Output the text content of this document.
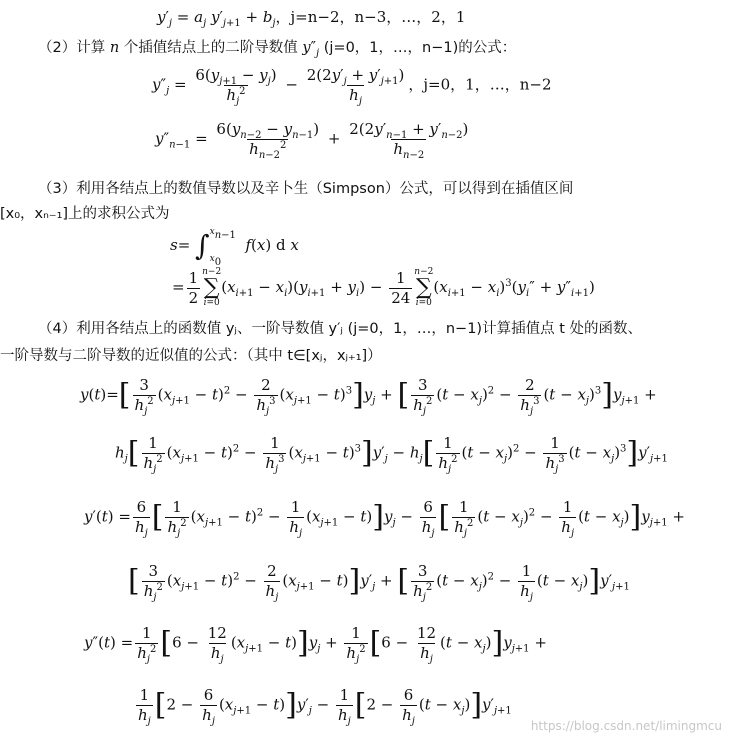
$y'_j = a_j$ $y'_{j+1} + b_j$，j=n−2，n−3，…，2，1
（2）计算 n 个插值结点上的二阶导数值 $y''_j$ (j=0，1，…，n−1)的公式：
$y''_j = \frac{6(y_{j+1} - y_j)}{h_j^2} - \frac{2(2y'_j + y'_{j+1})}{h_j}$ ，j=0，1，…，n−2
$y''_{n-1} = \frac{6(y_{n-2} - y_{n-1})}{h_{n-2}^2} + \frac{2(2y'_{n-1} + y'_{n-2})}{h_{n-2}}$
（3）利用各结点上的数值导数以及辛卜生（Simpson）公式，可以得到在插值区间
[x₀，xₙ₋₁]上的求积公式为
s= ∫ $x_{n-1}$
$x_0$
f(x) d x
= $\frac{1}{2} n-2$
∑
i=0
$(x_{i+1} - x_i)(y_{i+1} + y_i) - \frac{1}{24} n-2$
∑
i=0
$(x_{i+1} - x_i)^3(y_i'' + y''_{i+1})$
（4）利用各结点上的函数值 yⱼ、一阶导数值 y′ⱼ (j=0，1，…，n−1)计算插值点 t 处的函数、
一阶导数与二阶导数的近似值的公式：（其中 t∈[xⱼ，xⱼ₊₁]）
$y(t)=[ \frac{3}{h_j^2} (x_{j+1} - t)^2 - \frac{2}{h_j^3} (x_{j+1} - t)^3]y_j$ + [ $\frac{3}{h_j^2} (t - x_j)^2 - \frac{2}{h_j^3} (t - x_j)^3]y_{j+1}$ +
$h_j[ \frac{1}{h_j^2} (x_{j+1} - t)^2 - \frac{1}{h_j^3} (x_{j+1} - t)^3]y'_j - h_j[ \frac{1}{h_j^2} (t - x_j)^2 - \frac{1}{h_j^3} (t - x_j)^3]y'_{j+1}$
$y'(t) = \frac{6}{h_j}$ [ $\frac{1}{h_j^2} (x_{j+1} - t)^2 - \frac{1}{h_j} (x_{j+1} - t)]y_j - \frac{6}{h_j}$ [ $\frac{1}{h_j^2} (t - x_j)^2 - \frac{1}{h_j} (t - x_j)]y_{j+1}$ +
[ $\frac{3}{h_j^2} (x_{j+1} - t)^2 - \frac{2}{h_j} (x_{j+1} - t)]y'_j$ + [ $\frac{3}{h_j^2} (t - x_j)^2 - \frac{1}{h_j} (t - x_j)]y'_{j+1}$
$y''(t) = \frac{1}{h_j^2} [6 - \frac{12}{h_j} (x_{j+1} - t)]y_j + \frac{1}{h_j^2} [6 - \frac{12}{h_j} (t - x_j)]y_{j+1}$ +
$\frac{1}{h_j} [2 - \frac{6}{h_j} (x_{j+1} - t)]y'_j - \frac{1}{h_j} [2 - \frac{6}{h_j} (t - x_j)]y'_{j+1}$
https://blog.csdn.net/limingmcu
